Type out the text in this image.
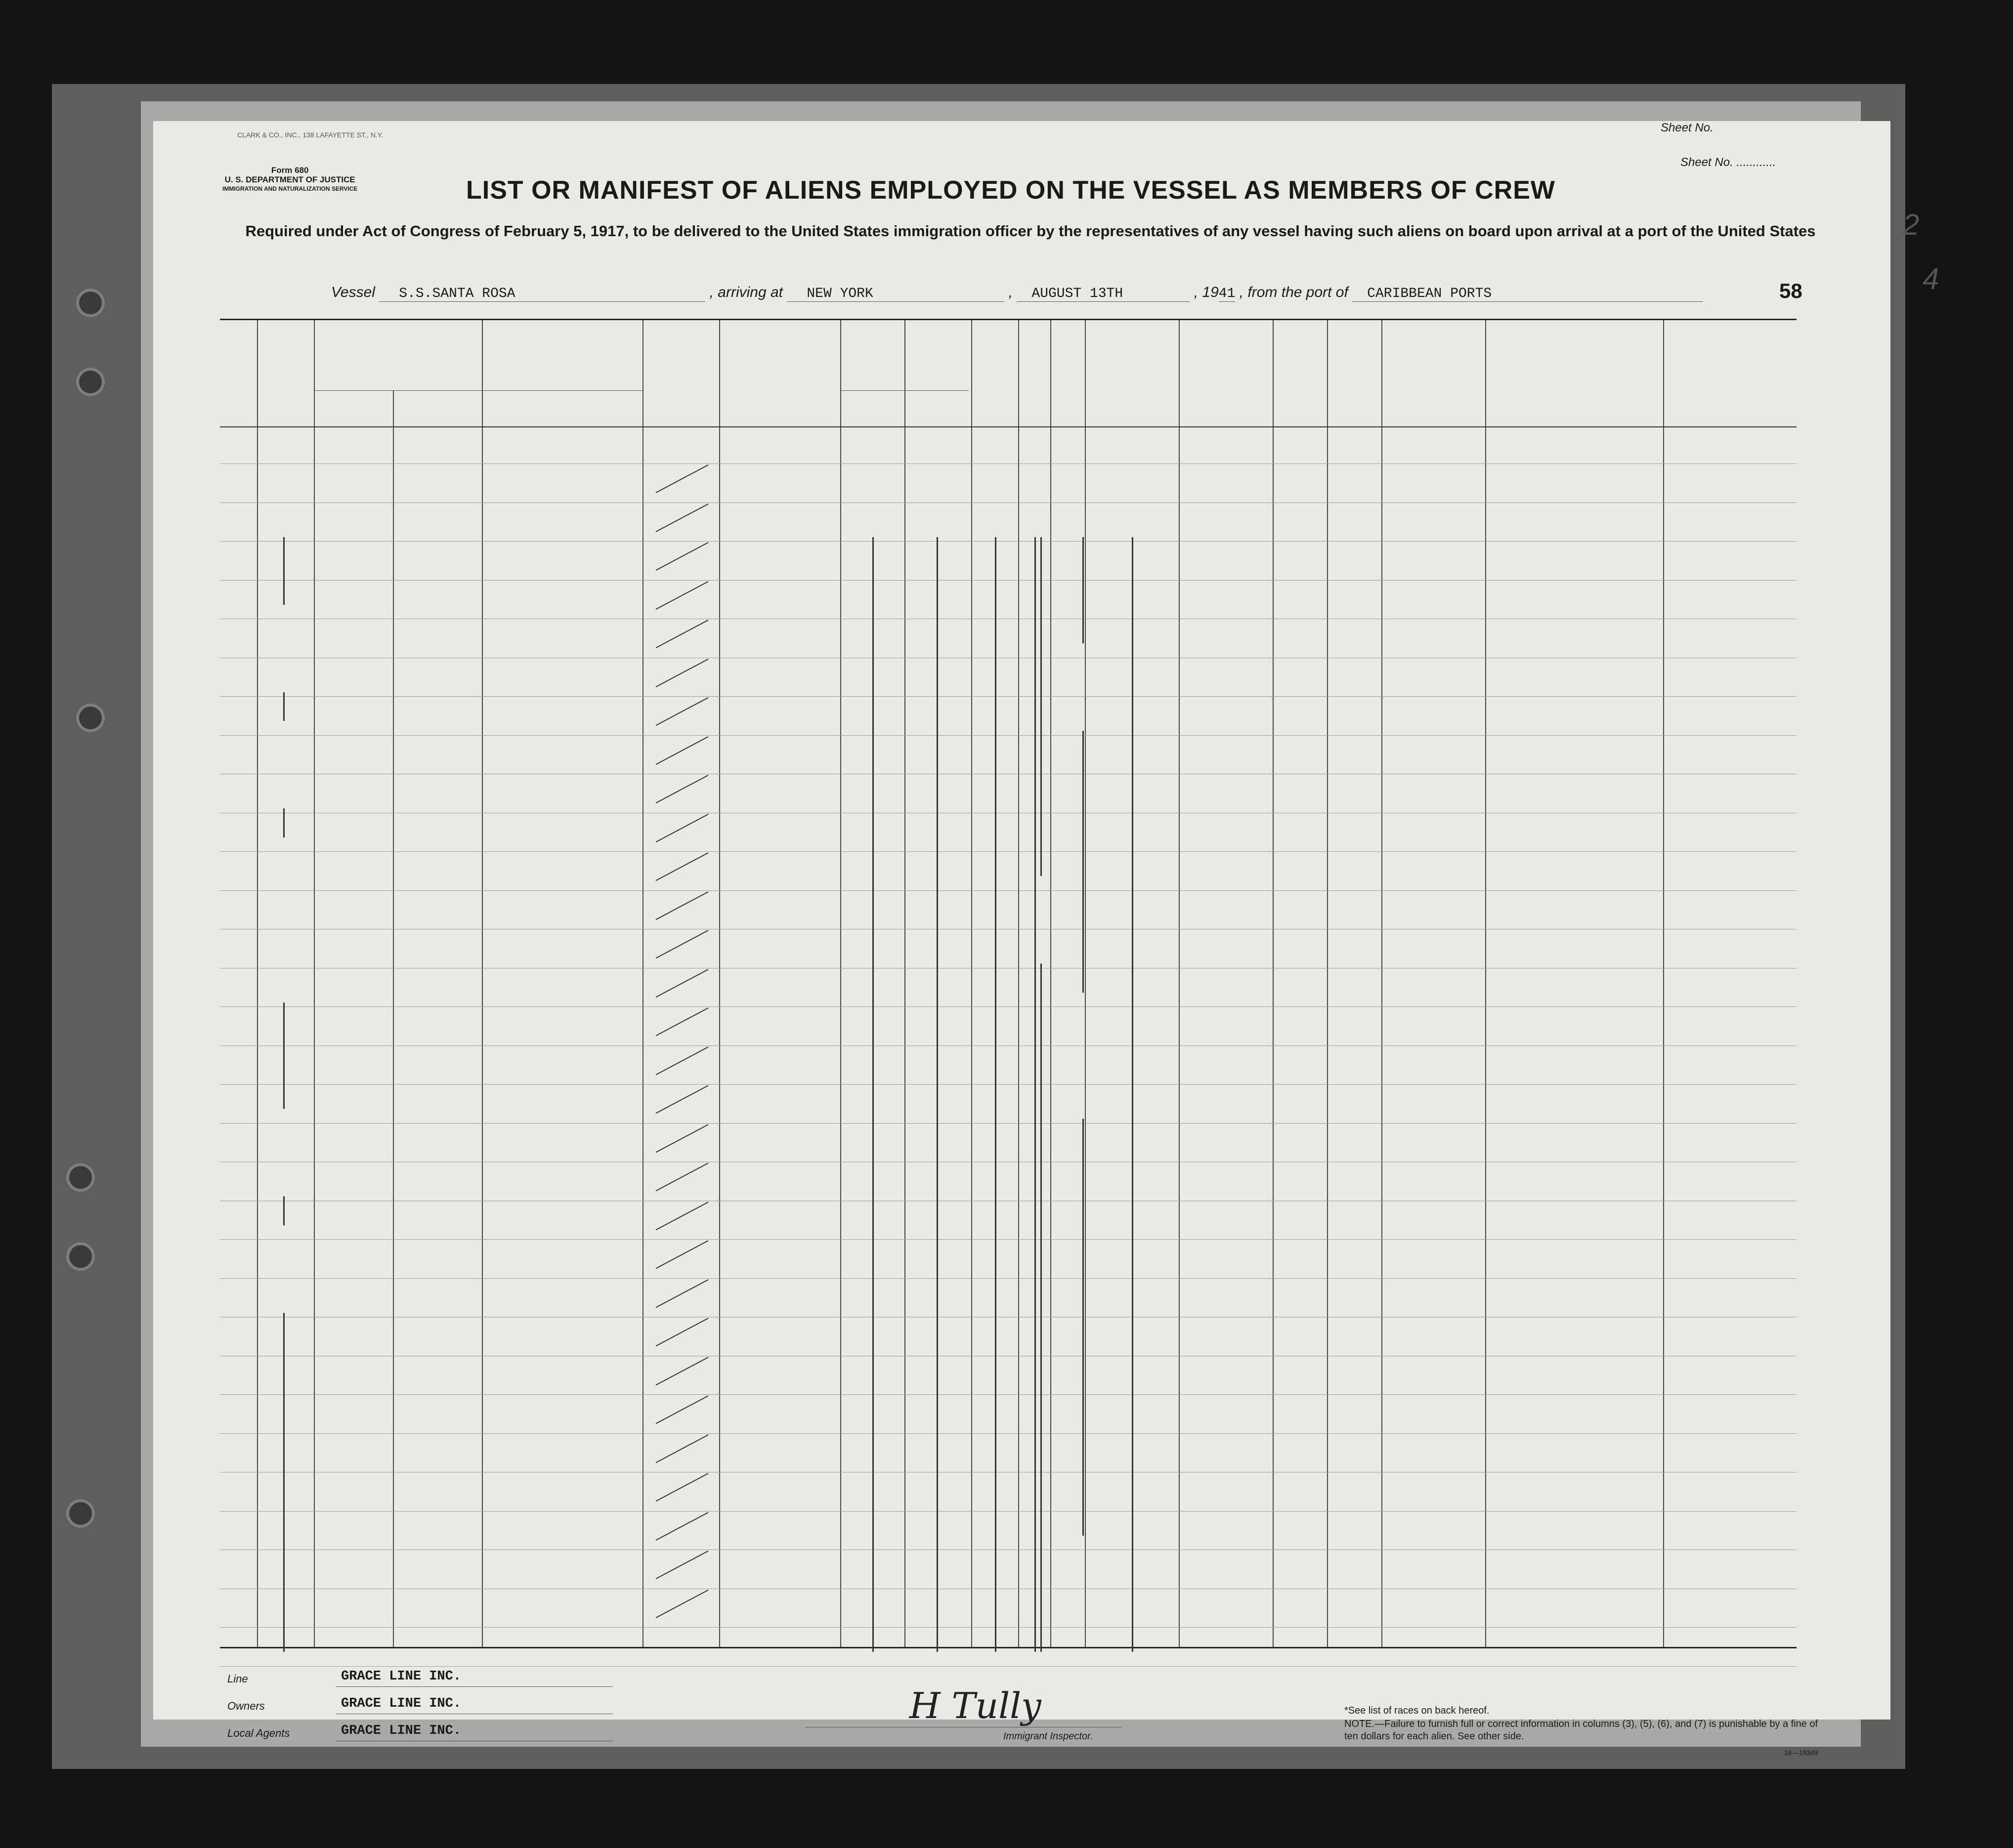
CLARK & CO., INC., 138 LAFAYETTE ST., N.Y.
Sheet No.
Form 680
U. S. DEPARTMENT OF JUSTICE
IMMIGRATION AND NATURALIZATION SERVICE
Sheet No. ............
LIST OR MANIFEST OF ALIENS EMPLOYED ON THE VESSEL AS MEMBERS OF CREW
Required under Act of Congress of February 5, 1917, to be delivered to the United States immigration officer by the representatives of any vessel having such aliens on board upon arrival at a port of the United States
Vessel S.S.SANTA ROSA	, arriving at NEW YORK	, AUGUST 13TH	, 1941 , from the port of CARIBBEAN PORTS	58
Line	GRACE LINE INC.
Owners	GRACE LINE INC.
Local Agents	GRACE LINE INC.
H Tully
Immigrant Inspector.
*See list of races on back hereof.
NOTE.—Failure to furnish full or correct information in columns (3), (5), (6), and (7) is punishable by a fine of ten dollars for each alien. See other side.
16—19349
2
4
